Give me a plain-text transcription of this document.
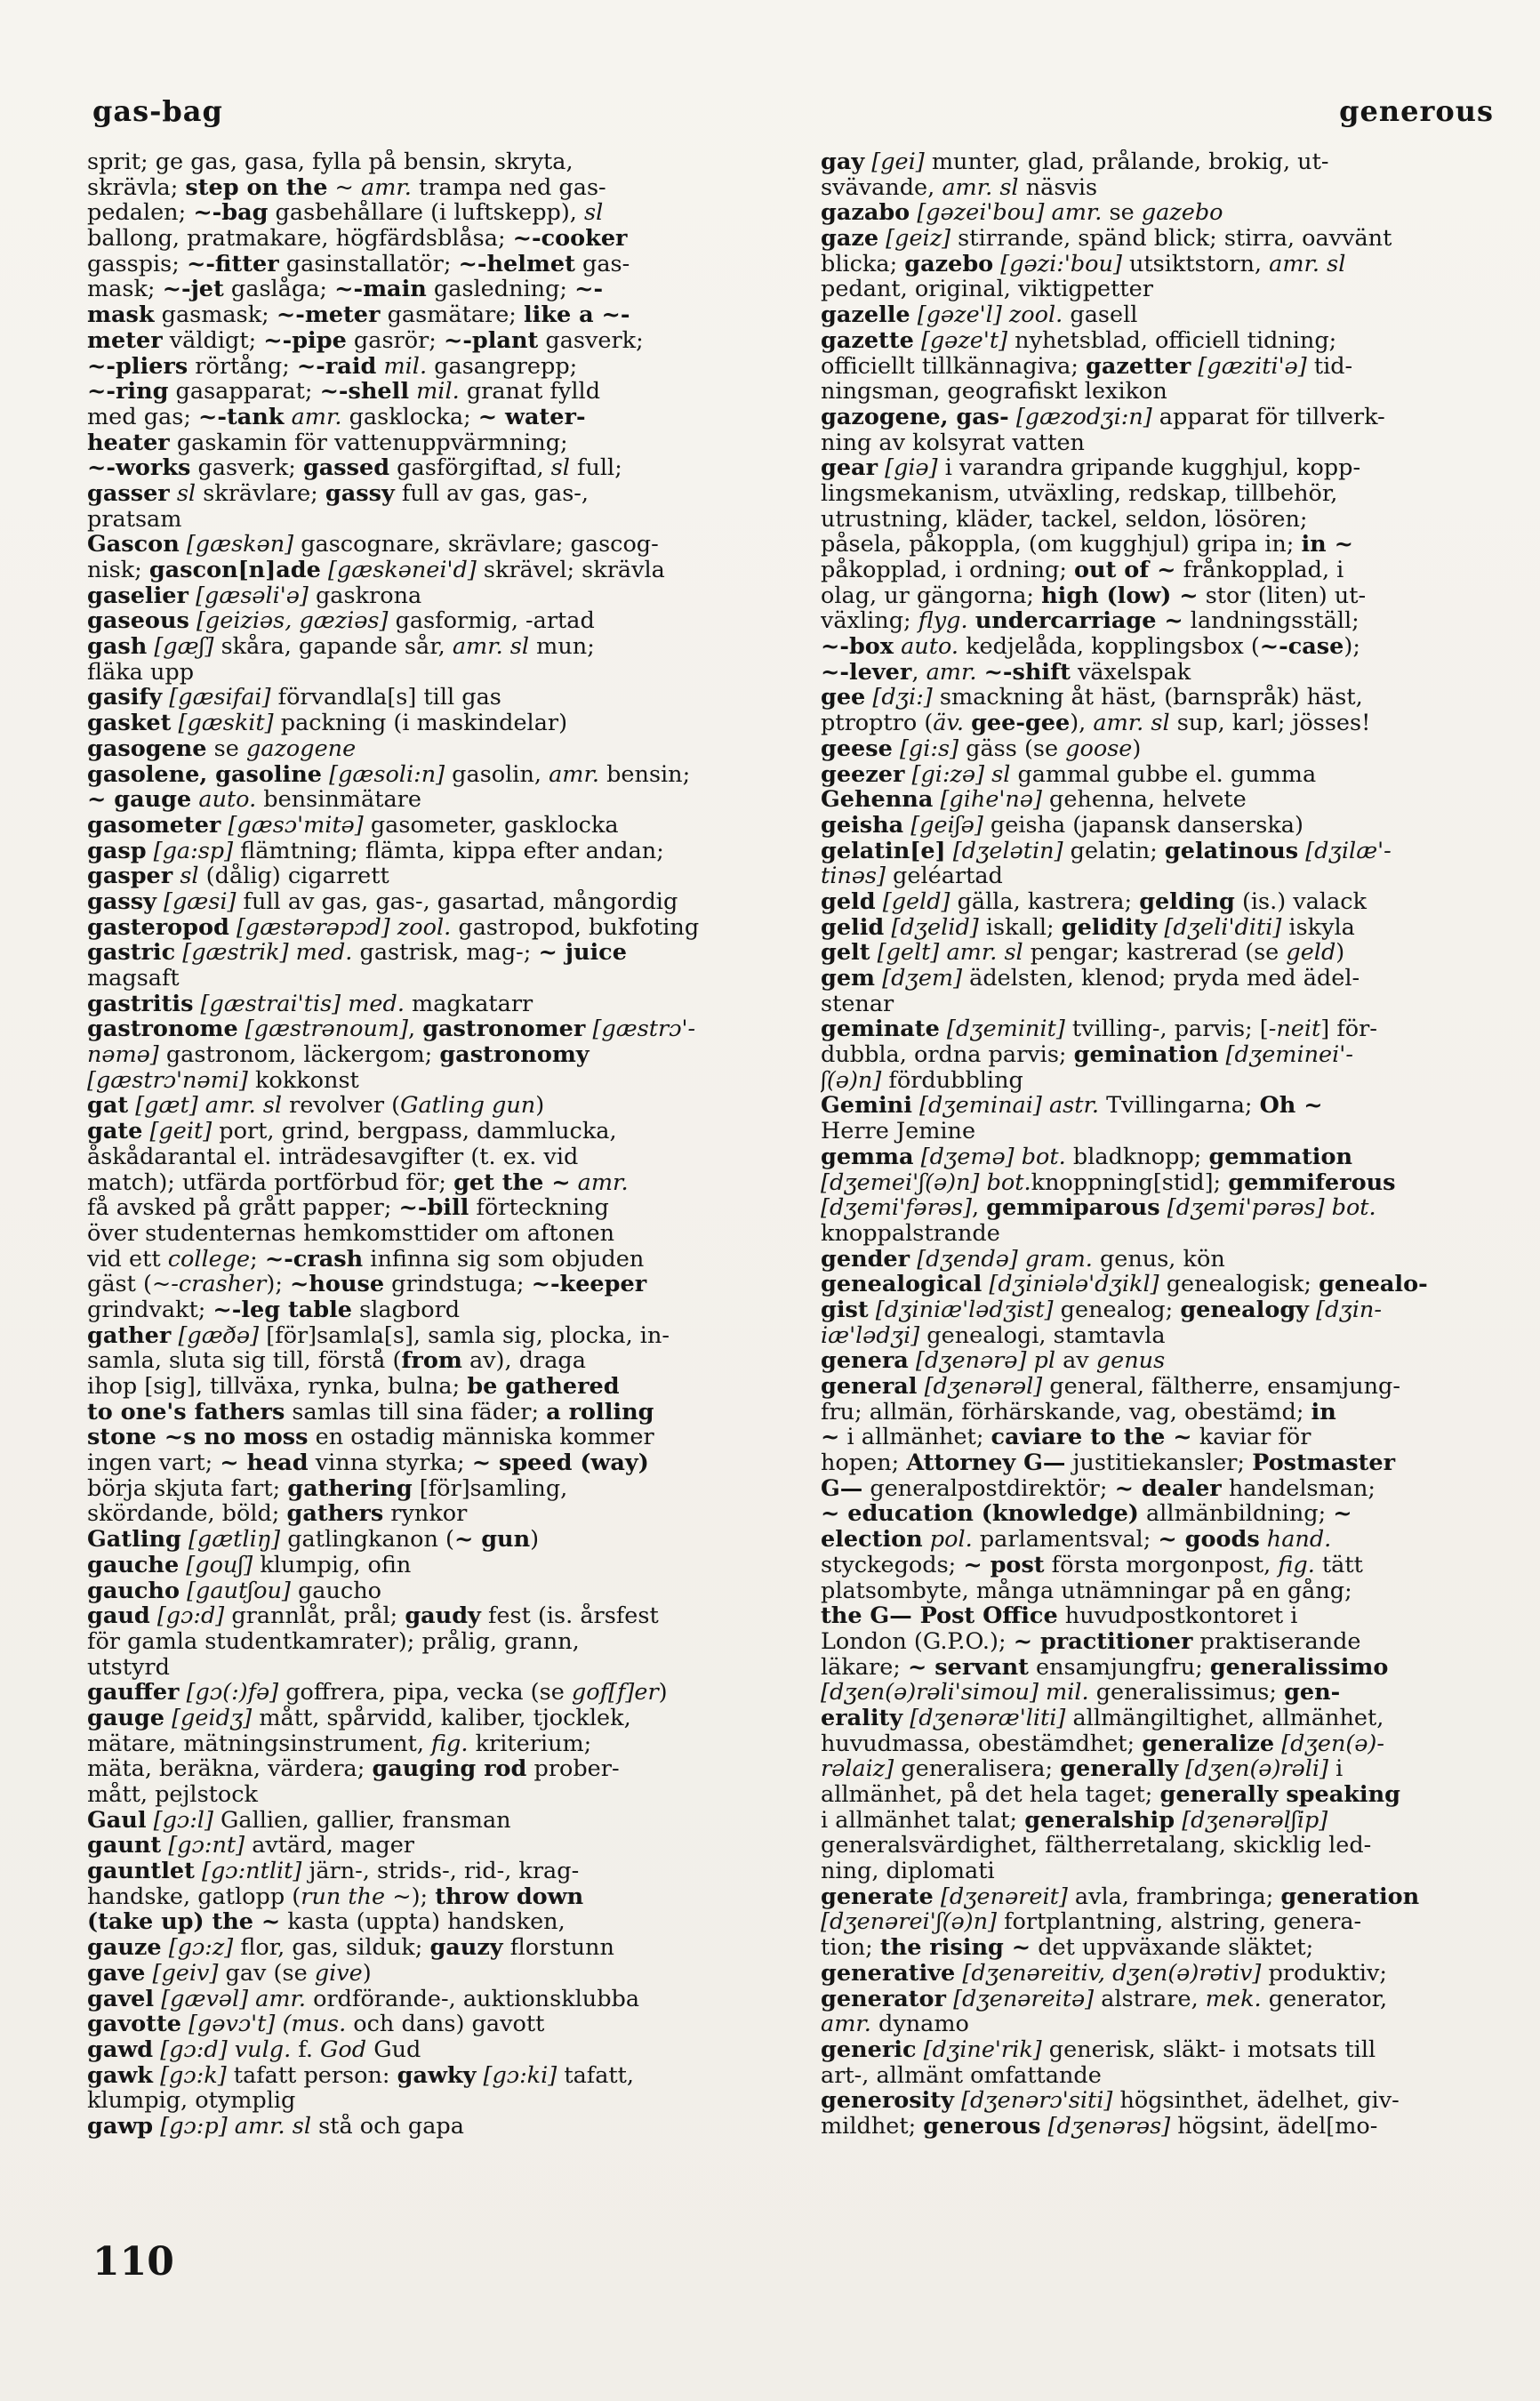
gas-bag	generous
sprit; ge gas, gasa, fylla på bensin, skryta,
skrävla; step on the ~ amr. trampa ned gas-
pedalen; ~-bag gasbehållare (i luftskepp), sl
ballong, pratmakare, högfärdsblåsa; ~-cooker
gasspis; ~-fitter gasinstallatör; ~-helmet gas-
mask; ~-jet gaslåga; ~-main gasledning; ~-
mask gasmask; ~-meter gasmätare; like a ~-
meter väldigt; ~-pipe gasrör; ~-plant gasverk;
~-pliers rörtång; ~-raid mil. gasangrepp;
~-ring gasapparat; ~-shell mil. granat fylld
med gas; ~-tank amr. gasklocka; ~ water-
heater gaskamin för vattenuppvärmning;
~-works gasverk; gassed gasförgiftad, sl full;
gasser sl skrävlare; gassy full av gas, gas-,
pratsam
Gascon [gæskən] gascognare, skrävlare; gascog-
nisk; gascon[n]ade [gæskənei'd] skrävel; skrävla
gaselier [gæsəli'ə] gaskrona
gaseous [geiziəs, gæziəs] gasformig, -artad
gash [gæʃ] skåra, gapande sår, amr. sl mun;
fläka upp
gasify [gæsifai] förvandla[s] till gas
gasket [gæskit] packning (i maskindelar)
gasogene se gazogene
gasolene, gasoline [gæsoli:n] gasolin, amr. bensin;
~ gauge auto. bensinmätare
gasometer [gæsɔ'mitə] gasometer, gasklocka
gasp [ga:sp] flämtning; flämta, kippa efter andan;
gasper sl (dålig) cigarrett
gassy [gæsi] full av gas, gas-, gasartad, mångordig
gasteropod [gæstərəpɔd] zool. gastropod, bukfoting
gastric [gæstrik] med. gastrisk, mag-; ~ juice
magsaft
gastritis [gæstrai'tis] med. magkatarr
gastronome [gæstrənoum], gastronomer [gæstrɔ'-
nəmə] gastronom, läckergom; gastronomy
[gæstrɔ'nəmi] kokkonst
gat [gæt] amr. sl revolver (Gatling gun)
gate [geit] port, grind, bergpass, dammlucka,
åskådarantal el. inträdesavgifter (t. ex. vid
match); utfärda portförbud för; get the ~ amr.
få avsked på grått papper; ~-bill förteckning
över studenternas hemkomsttider om aftonen
vid ett college; ~-crash infinna sig som objuden
gäst (~-crasher); ~house grindstuga; ~-keeper
grindvakt; ~-leg table slagbord
gather [gæðə] [för]samla[s], samla sig, plocka, in-
samla, sluta sig till, förstå (from av), draga
ihop [sig], tillväxa, rynka, bulna; be gathered
to one's fathers samlas till sina fäder; a rolling
stone ~s no moss en ostadig människa kommer
ingen vart; ~ head vinna styrka; ~ speed (way)
börja skjuta fart; gathering [för]samling,
skördande, böld; gathers rynkor
Gatling [gætliŋ] gatlingkanon (~ gun)
gauche [gouʃ] klumpig, ofin
gaucho [gautʃou] gaucho
gaud [gɔ:d] grannlåt, prål; gaudy fest (is. årsfest
för gamla studentkamrater); prålig, grann,
utstyrd
gauffer [gɔ(:)fə] goffrera, pipa, vecka (se gof[f]er)
gauge [geidʒ] mått, spårvidd, kaliber, tjocklek,
mätare, mätningsinstrument, fig. kriterium;
mäta, beräkna, värdera; gauging rod prober-
mått, pejlstock
Gaul [gɔ:l] Gallien, gallier, fransman
gaunt [gɔ:nt] avtärd, mager
gauntlet [gɔ:ntlit] järn-, strids-, rid-, krag-
handske, gatlopp (run the ~); throw down
(take up) the ~ kasta (uppta) handsken,
gauze [gɔ:z] flor, gas, silduk; gauzy florstunn
gave [geiv] gav (se give)
gavel [gævəl] amr. ordförande-, auktionsklubba
gavotte [gəvɔ't] (mus. och dans) gavott
gawd [gɔ:d] vulg. f. God Gud
gawk [gɔ:k] tafatt person: gawky [gɔ:ki] tafatt,
klumpig, otymplig
gawp [gɔ:p] amr. sl stå och gapa
gay [gei] munter, glad, prålande, brokig, ut-
svävande, amr. sl näsvis
gazabo [gəzei'bou] amr. se gazebo
gaze [geiz] stirrande, spänd blick; stirra, oavvänt
blicka; gazebo [gəzi:'bou] utsiktstorn, amr. sl
pedant, original, viktigpetter
gazelle [gəze'l] zool. gasell
gazette [gəze't] nyhetsblad, officiell tidning;
officiellt tillkännagiva; gazetter [gæziti'ə] tid-
ningsman, geografiskt lexikon
gazogene, gas- [gæzodʒi:n] apparat för tillverk-
ning av kolsyrat vatten
gear [giə] i varandra gripande kugghjul, kopp-
lingsmekanism, utväxling, redskap, tillbehör,
utrustning, kläder, tackel, seldon, lösören;
påsela, påkoppla, (om kugghjul) gripa in; in ~
påkopplad, i ordning; out of ~ frånkopplad, i
olag, ur gängorna; high (low) ~ stor (liten) ut-
växling; flyg. undercarriage ~ landningsställ;
~-box auto. kedjelåda, kopplingsbox (~-case);
~-lever, amr. ~-shift växelspak
gee [dʒi:] smackning åt häst, (barnspråk) häst,
ptroptro (äv. gee-gee), amr. sl sup, karl; jösses!
geese [gi:s] gäss (se goose)
geezer [gi:zə] sl gammal gubbe el. gumma
Gehenna [gihe'nə] gehenna, helvete
geisha [geiʃə] geisha (japansk danserska)
gelatin[e] [dʒelətin] gelatin; gelatinous [dʒilæ'-
tinəs] geléartad
geld [geld] gälla, kastrera; gelding (is.) valack
gelid [dʒelid] iskall; gelidity [dʒeli'diti] iskyla
gelt [gelt] amr. sl pengar; kastrerad (se geld)
gem [dʒem] ädelsten, klenod; pryda med ädel-
stenar
geminate [dʒeminit] tvilling-, parvis; [-neit] för-
dubbla, ordna parvis; gemination [dʒeminei'-
ʃ(ə)n] fördubbling
Gemini [dʒeminai] astr. Tvillingarna; Oh ~
Herre Jemine
gemma [dʒemə] bot. bladknopp; gemmation
[dʒemei'ʃ(ə)n] bot.knoppning[stid]; gemmiferous
[dʒemi'fərəs], gemmiparous [dʒemi'pərəs] bot.
knoppalstrande
gender [dʒendə] gram. genus, kön
genealogical [dʒiniələ'dʒikl] genealogisk; genealo-
gist [dʒiniæ'lədʒist] genealog; genealogy [dʒin-
iæ'lədʒi] genealogi, stamtavla
genera [dʒenərə] pl av genus
general [dʒenərəl] general, fältherre, ensamjung-
fru; allmän, förhärskande, vag, obestämd; in
~ i allmänhet; caviare to the ~ kaviar för
hopen; Attorney G— justitiekansler; Postmaster
G— generalpostdirektör; ~ dealer handelsman;
~ education (knowledge) allmänbildning; ~
election pol. parlamentsval; ~ goods hand.
styckegods; ~ post första morgonpost, fig. tätt
platsombyte, många utnämningar på en gång;
the G— Post Office huvudpostkontoret i
London (G.P.O.); ~ practitioner praktiserande
läkare; ~ servant ensamjungfru; generalissimo
[dʒen(ə)rəli'simou] mil. generalissimus; gen-
erality [dʒenəræ'liti] allmängiltighet, allmänhet,
huvudmassa, obestämdhet; generalize [dʒen(ə)-
rəlaiz] generalisera; generally [dʒen(ə)rəli] i
allmänhet, på det hela taget; generally speaking
i allmänhet talat; generalship [dʒenərəlʃip]
generalsvärdighet, fältherretalang, skicklig led-
ning, diplomati
generate [dʒenəreit] avla, frambringa; generation
[dʒenərei'ʃ(ə)n] fortplantning, alstring, genera-
tion; the rising ~ det uppväxande släktet;
generative [dʒenəreitiv, dʒen(ə)rətiv] produktiv;
generator [dʒenəreitə] alstrare, mek. generator,
amr. dynamo
generic [dʒine'rik] generisk, släkt- i motsats till
art-, allmänt omfattande
generosity [dʒenərɔ'siti] högsinthet, ädelhet, giv-
mildhet; generous [dʒenərəs] högsint, ädel[mo-
110
